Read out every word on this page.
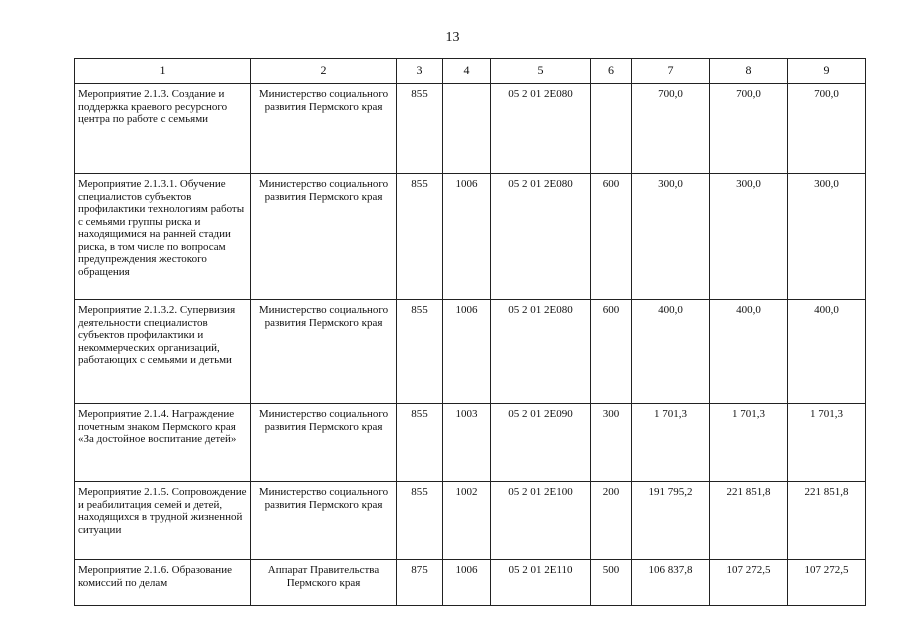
13
1	2	3	4	5	6	7	8	9
Мероприятие 2.1.3. Создание и поддержка краевого ресурсного центра по работе с семьями	Министерство социального развития Пермского края	855		05 2 01 2Е080		700,0	700,0	700,0
Мероприятие 2.1.3.1. Обучение специалистов субъектов профилактики технологиям работы с семьями группы риска и находящимися на ранней стадии риска, в том числе по вопросам предупреждения жестокого обращения	Министерство социального развития Пермского края	855	1006	05 2 01 2Е080	600	300,0	300,0	300,0
Мероприятие 2.1.3.2. Супервизия деятельности специалистов субъектов профилактики и некоммерческих организаций, работающих с семьями и детьми	Министерство социального развития Пермского края	855	1006	05 2 01 2Е080	600	400,0	400,0	400,0
Мероприятие 2.1.4. Награждение почетным знаком Пермского края «За достойное воспитание детей»	Министерство социального развития Пермского края	855	1003	05 2 01 2Е090	300	1 701,3	1 701,3	1 701,3
Мероприятие 2.1.5. Сопровождение и реабилитация семей и детей, находящихся в трудной жизненной ситуации	Министерство социального развития Пермского края	855	1002	05 2 01 2Е100	200	191 795,2	221 851,8	221 851,8
Мероприятие 2.1.6. Образование комиссий по делам	Аппарат Правительства Пермского края	875	1006	05 2 01 2Е110	500	106 837,8	107 272,5	107 272,5
